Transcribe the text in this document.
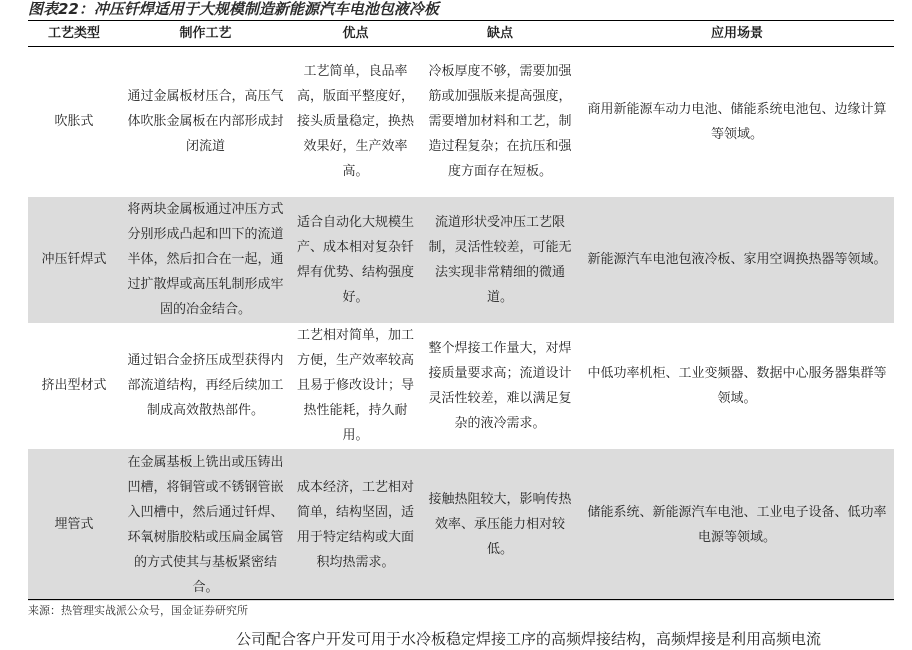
图表22：冲压钎焊适用于大规模制造新能源汽车电池包液冷板
工艺类型	制作工艺	优点	缺点	应用场景
吹胀式	通过金属板材压合，高压气体吹胀金属板在内部形成封闭流道	工艺简单，良品率高，版面平整度好，接头质量稳定，换热效果好，生产效率高。	冷板厚度不够，需要加强筋或加强版来提高强度，需要增加材料和工艺，制造过程复杂；在抗压和强度方面存在短板。	商用新能源车动力电池、储能系统电池包、边缘计算等领域。
冲压钎焊式	将两块金属板通过冲压方式分别形成凸起和凹下的流道半体，然后扣合在一起，通过扩散焊或高压轧制形成牢固的冶金结合。	适合自动化大规模生产、成本相对复杂钎焊有优势、结构强度好。	流道形状受冲压工艺限制，灵活性较差，可能无法实现非常精细的微通道。	新能源汽车电池包液冷板、家用空调换热器等领域。
挤出型材式	通过铝合金挤压成型获得内部流道结构，再经后续加工制成高效散热部件。	工艺相对简单，加工方便，生产效率较高且易于修改设计；导热性能耗，持久耐用。	整个焊接工作量大，对焊接质量要求高；流道设计灵活性较差，难以满足复杂的液冷需求。	中低功率机柜、工业变频器、数据中心服务器集群等领域。
埋管式	在金属基板上铣出或压铸出凹槽，将铜管或不锈钢管嵌入凹槽中，然后通过钎焊、环氧树脂胶粘或压扁金属管的方式使其与基板紧密结合。	成本经济，工艺相对简单，结构坚固，适用于特定结构或大面积均热需求。	接触热阻较大，影响传热效率、承压能力相对较低。	储能系统、新能源汽车电池、工业电子设备、低功率电源等领域。
来源：热管理实战派公众号，国金证券研究所
公司配合客户开发可用于水冷板稳定焊接工序的高频焊接结构，高频焊接是利用高频电流
